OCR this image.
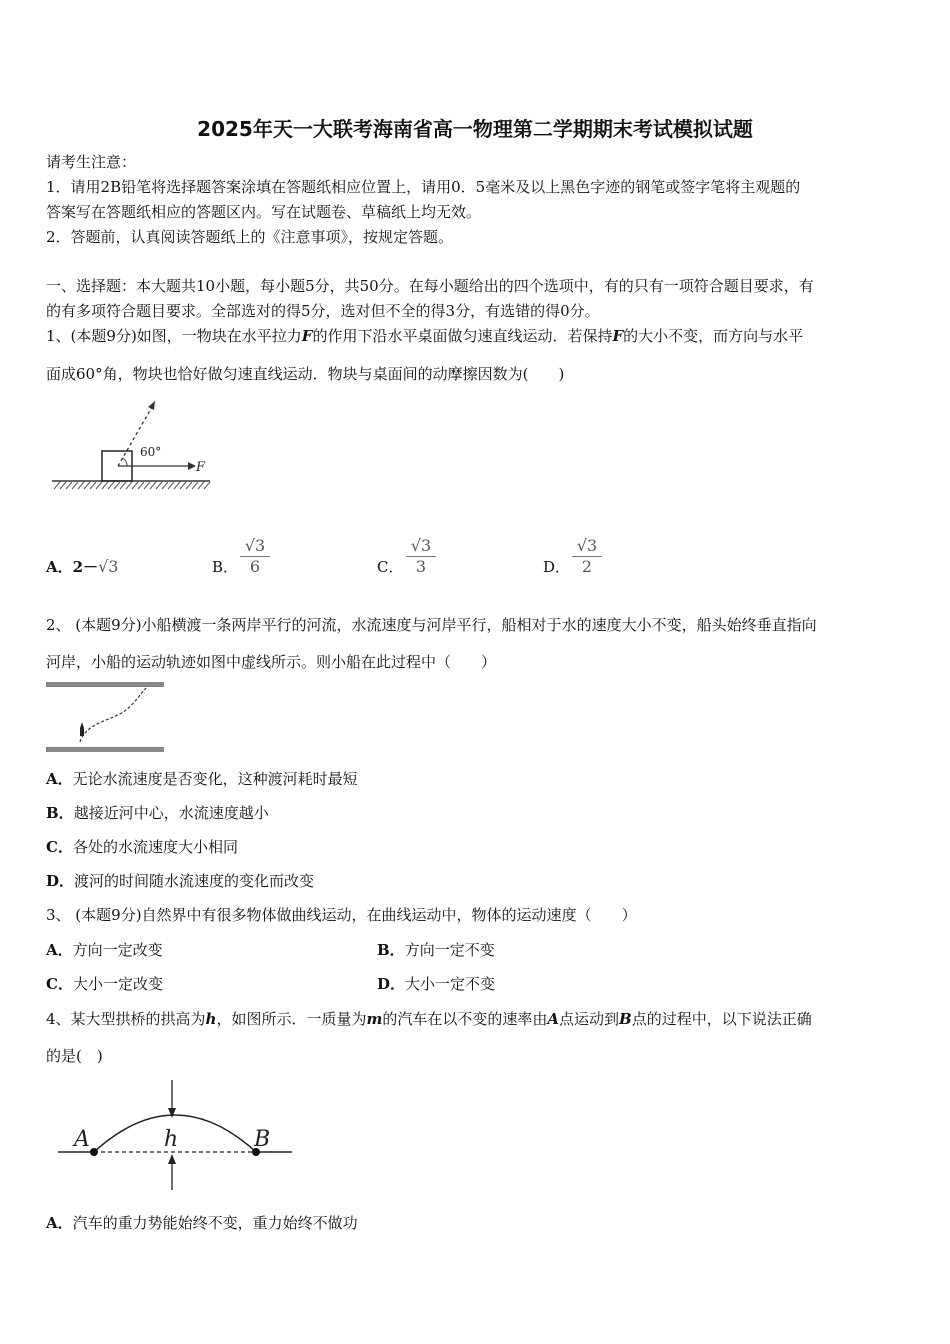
2025年天一大联考海南省高一物理第二学期期末考试模拟试题
请考生注意：
1．请用2B铅笔将选择题答案涂填在答题纸相应位置上，请用0．5毫米及以上黑色字迹的钢笔或签字笔将主观题的
答案写在答题纸相应的答题区内。写在试题卷、草稿纸上均无效。
2．答题前，认真阅读答题纸上的《注意事项》，按规定答题。
一、选择题：本大题共10小题，每小题5分，共50分。在每小题给出的四个选项中，有的只有一项符合题目要求，有
的有多项符合题目要求。全部选对的得5分，选对但不全的得3分，有选错的得0分。
1、(本题9分)如图，一物块在水平拉力F的作用下沿水平桌面做匀速直线运动．若保持F的大小不变，而方向与水平
面成60°角，物块也恰好做匀速直线运动．物块与桌面间的动摩擦因数为(　　)
60°
F
A．2－√3	B． $\frac{√3}{6}$	C． $\frac{√3}{3}$	D． $\frac{√3}{2}$
2、 (本题9分)小船横渡一条两岸平行的河流，水流速度与河岸平行，船相对于水的速度大小不变，船头始终垂直指向
河岸，小船的运动轨迹如图中虚线所示。则小船在此过程中（　　）
A．无论水流速度是否变化，这种渡河耗时最短
B．越接近河中心，水流速度越小
C．各处的水流速度大小相同
D．渡河的时间随水流速度的变化而改变
3、 (本题9分)自然界中有很多物体做曲线运动，在曲线运动中，物体的运动速度（　　）
A．方向一定改变	B．方向一定不变
C．大小一定改变	D．大小一定不变
4、某大型拱桥的拱高为h，如图所示．一质量为m的汽车在以不变的速率由A点运动到B点的过程中，以下说法正确
的是(　)
A	h	B
A．汽车的重力势能始终不变，重力始终不做功
